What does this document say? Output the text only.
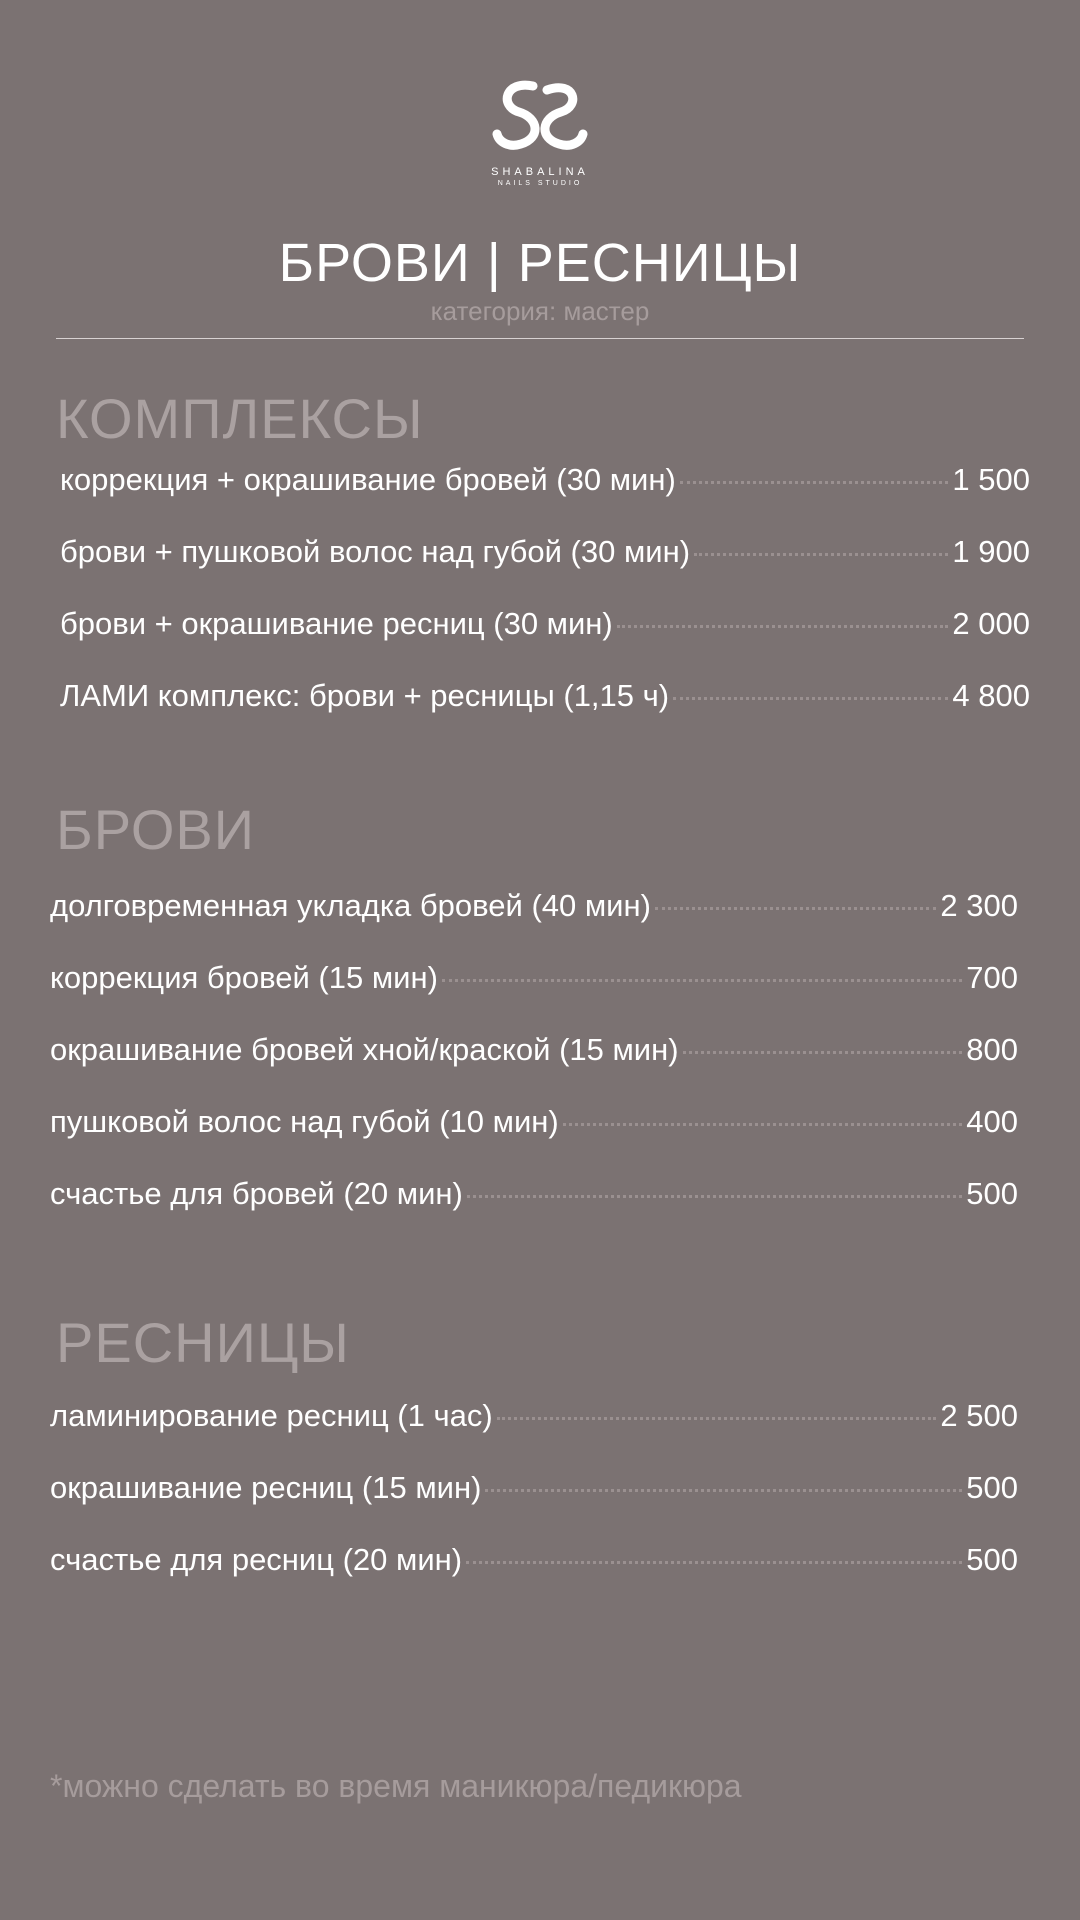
SHABALINA
NAILS STUDIO
БРОВИ | РЕСНИЦЫ
категория: мастер
КОМПЛЕКСЫ
коррекция + окрашивание бровей (30 мин)	1 500
брови + пушковой волос над губой (30 мин)	1 900
брови + окрашивание ресниц (30 мин)	2 000
ЛАМИ комплекс: брови + ресницы (1,15 ч)	4 800
БРОВИ
долговременная укладка бровей (40 мин)	2 300
коррекция бровей (15 мин)	700
окрашивание бровей хной/краской (15 мин)	800
пушковой волос над губой (10 мин)	400
счастье для бровей (20 мин)	500
РЕСНИЦЫ
ламинирование ресниц (1 час)	2 500
окрашивание ресниц (15 мин)	500
счастье для ресниц (20 мин)	500
*можно сделать во время маникюра/педикюра
